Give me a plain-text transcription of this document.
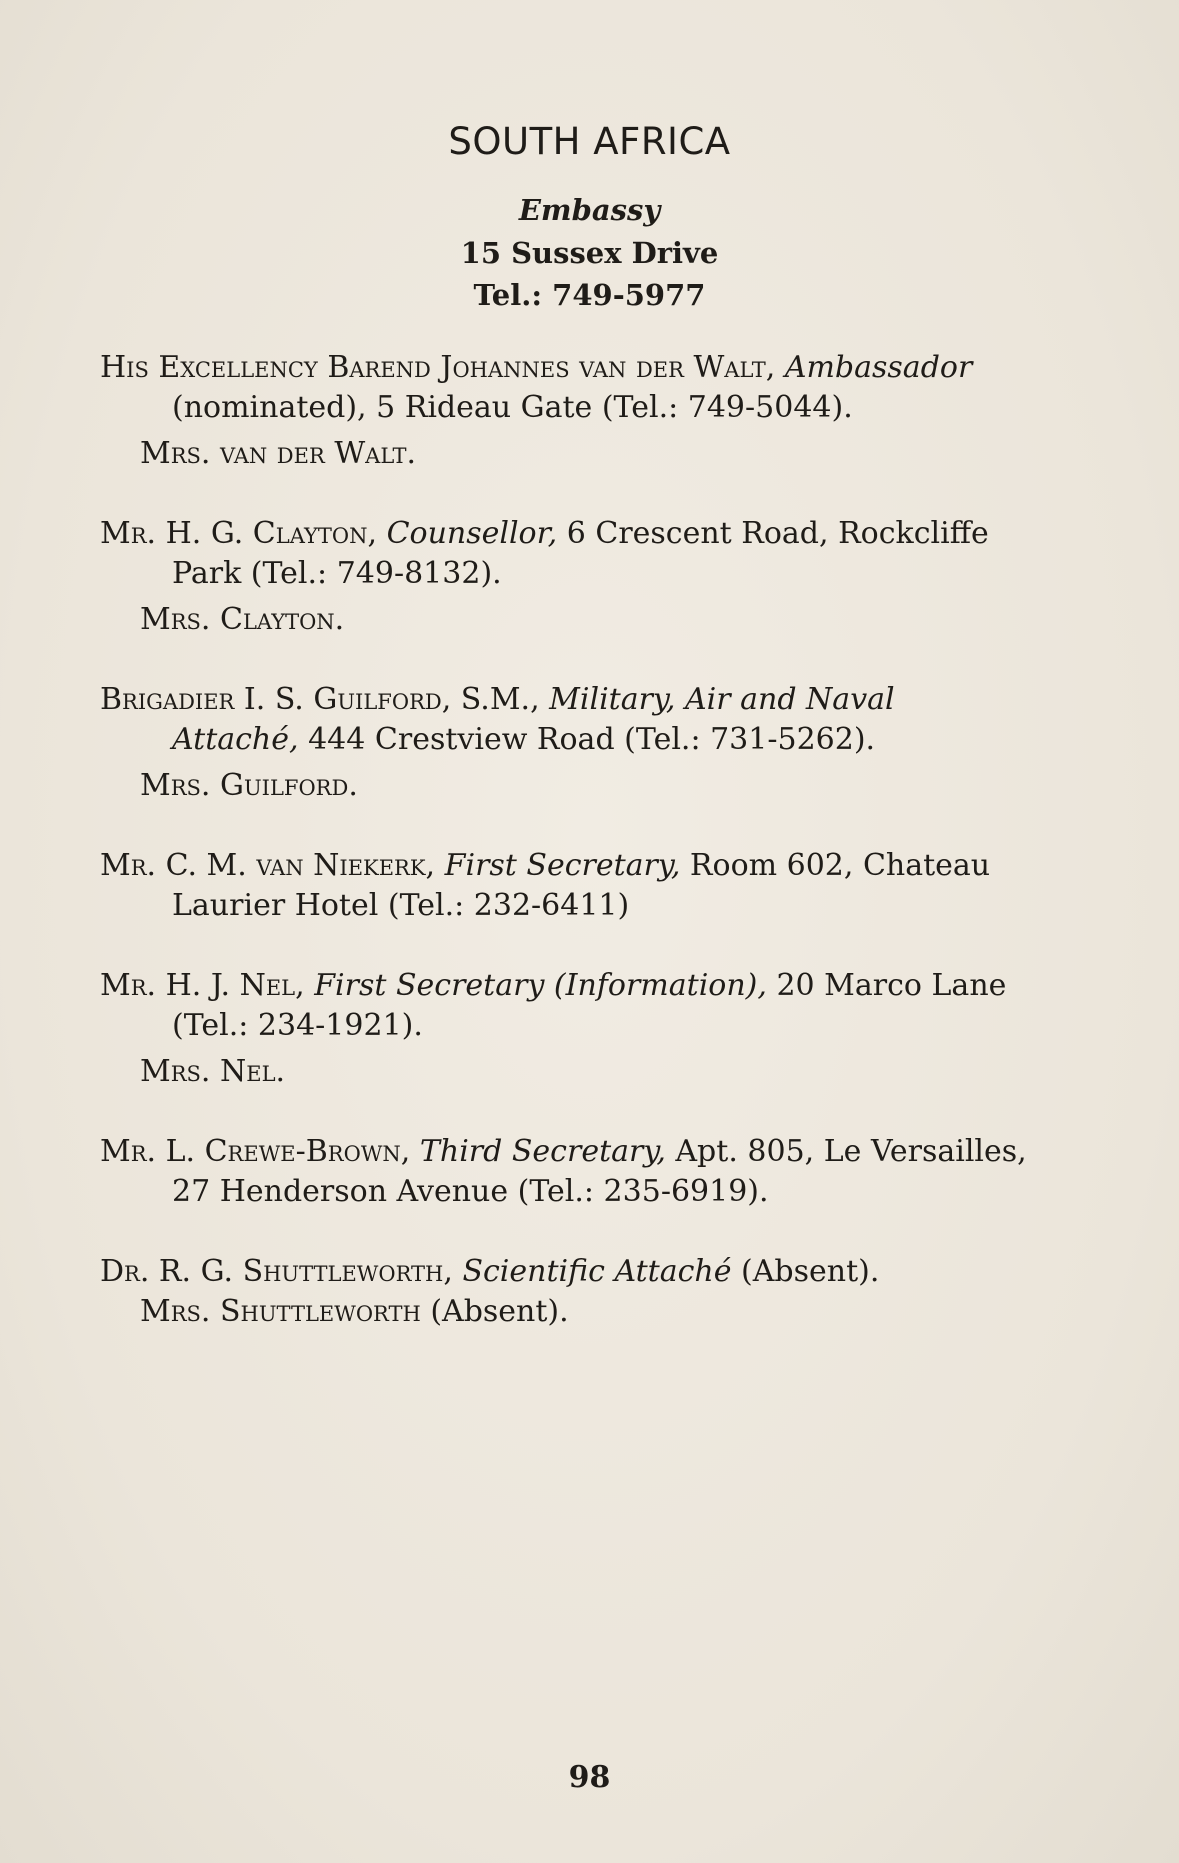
SOUTH AFRICA
Embassy
15 Sussex Drive
Tel.: 749-5977
His Excellency Barend Johannes van der Walt, Ambassador (nominated), 5 Rideau Gate (Tel.: 749-5044).
Mrs. van der Walt.
Mr. H. G. Clayton, Counsellor, 6 Crescent Road, Rockcliffe Park (Tel.: 749-8132).
Mrs. Clayton.
Brigadier I. S. Guilford, S.M., Military, Air and Naval Attaché, 444 Crestview Road (Tel.: 731-5262).
Mrs. Guilford.
Mr. C. M. van Niekerk, First Secretary, Room 602, Chateau Laurier Hotel (Tel.: 232-6411)
Mr. H. J. Nel, First Secretary (Information), 20 Marco Lane (Tel.: 234-1921).
Mrs. Nel.
Mr. L. Crewe-Brown, Third Secretary, Apt. 805, Le Versailles, 27 Henderson Avenue (Tel.: 235-6919).
Dr. R. G. Shuttleworth, Scientific Attaché (Absent).
Mrs. Shuttleworth (Absent).
98
